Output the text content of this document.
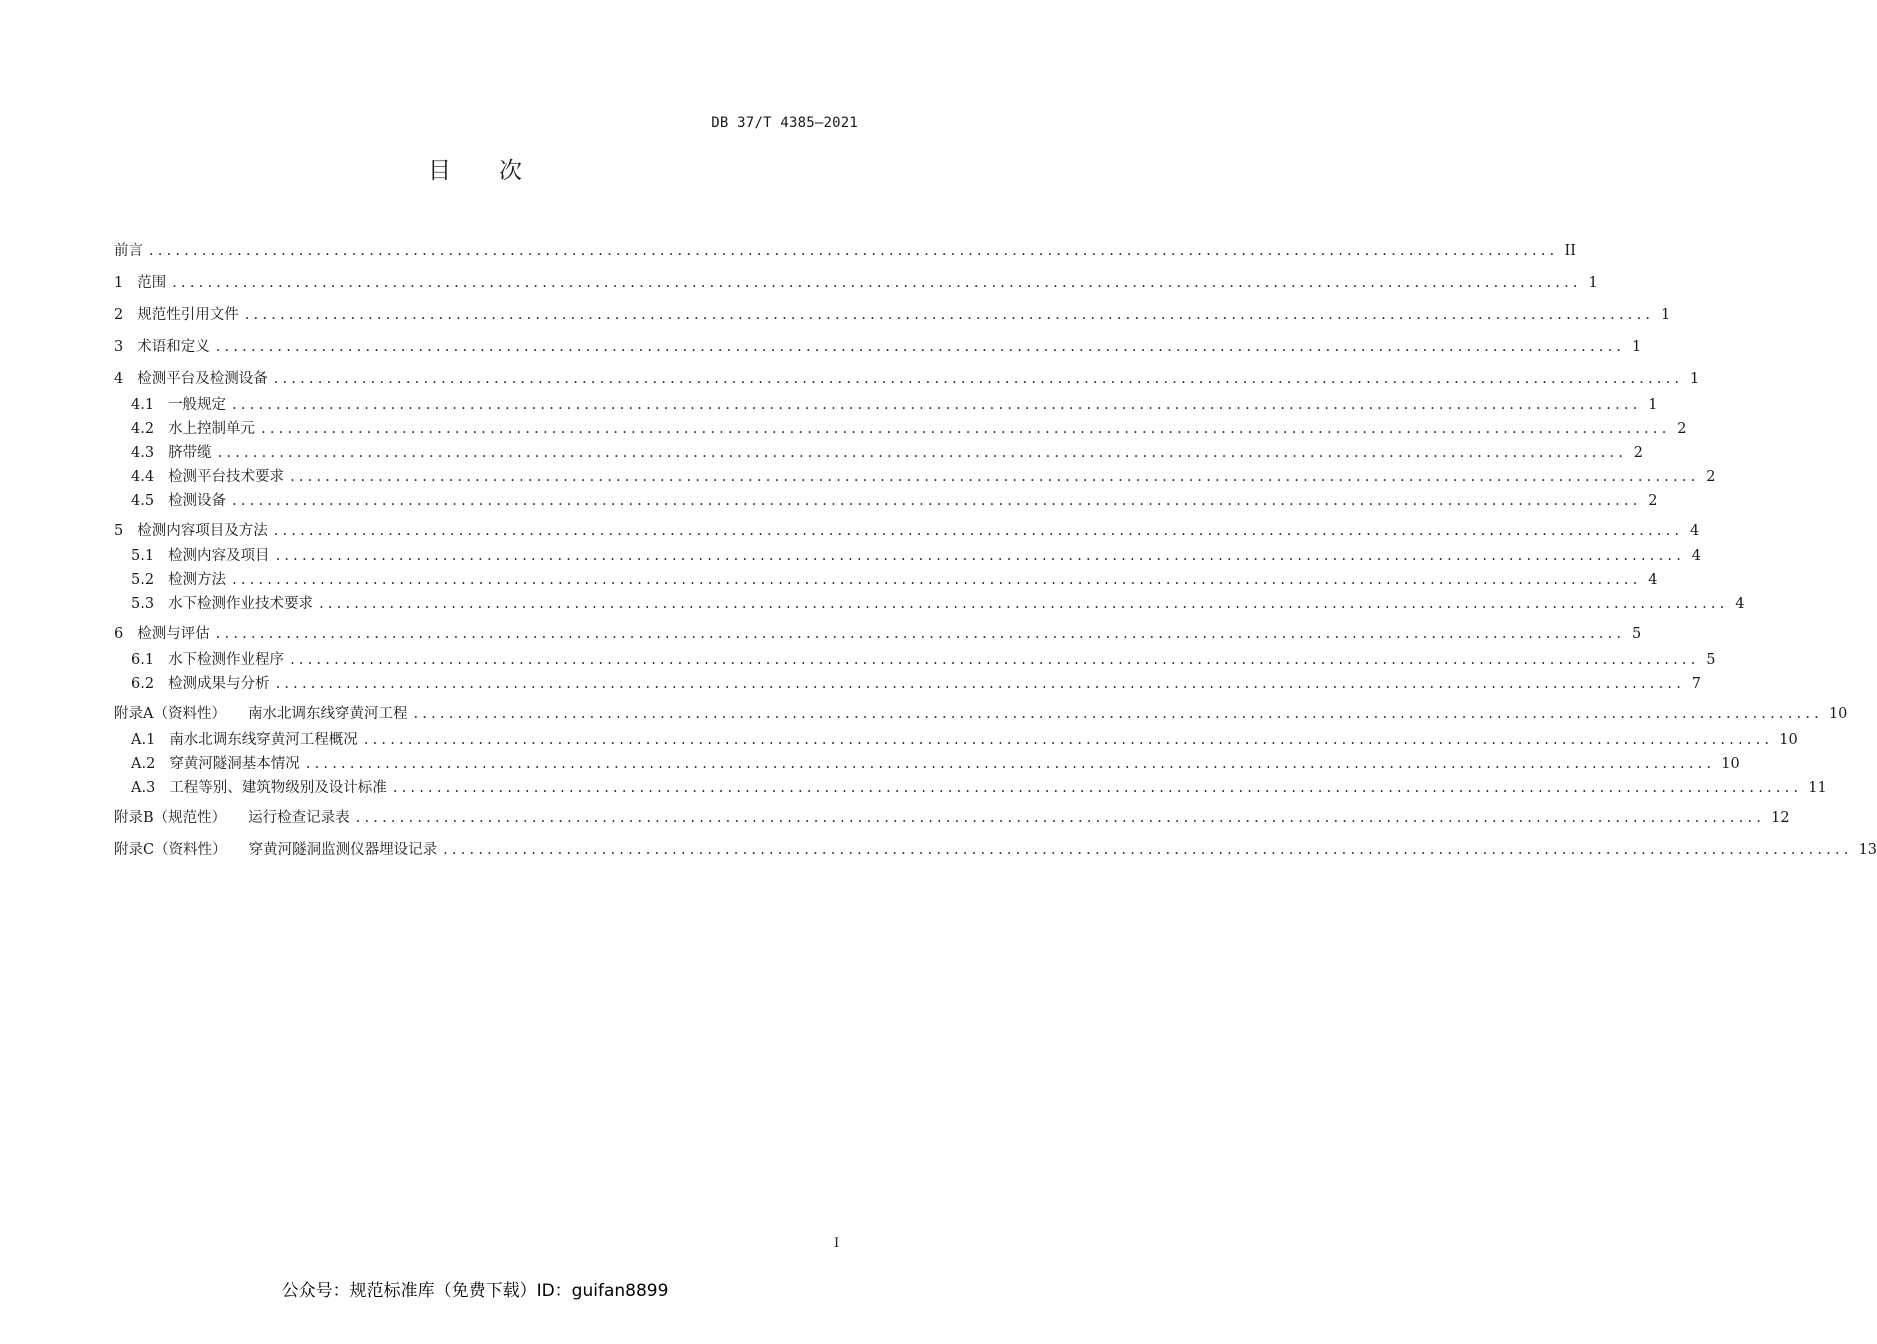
DB 37/T 4385—2021
目次
前言 ................................................................................................................................................................ II
1 范围 ................................................................................................................................................................ 1
2 规范性引用文件 ................................................................................................................................................................ 1
3 术语和定义 ................................................................................................................................................................ 1
4 检测平台及检测设备 ................................................................................................................................................................ 1
4.1 一般规定 ................................................................................................................................................................ 1
4.2 水上控制单元 ................................................................................................................................................................ 2
4.3 脐带缆 ................................................................................................................................................................ 2
4.4 检测平台技术要求 ................................................................................................................................................................ 2
4.5 检测设备 ................................................................................................................................................................ 2
5 检测内容项目及方法 ................................................................................................................................................................ 4
5.1 检测内容及项目 ................................................................................................................................................................ 4
5.2 检测方法 ................................................................................................................................................................ 4
5.3 水下检测作业技术要求 ................................................................................................................................................................ 4
6 检测与评估 ................................................................................................................................................................ 5
6.1 水下检测作业程序 ................................................................................................................................................................ 5
6.2 检测成果与分析 ................................................................................................................................................................ 7
附录A（资料性） 南水北调东线穿黄河工程 ................................................................................................................................................................ 10
A.1 南水北调东线穿黄河工程概况 ................................................................................................................................................................ 10
A.2 穿黄河隧洞基本情况 ................................................................................................................................................................ 10
A.3 工程等别、建筑物级别及设计标准 ................................................................................................................................................................ 11
附录B（规范性） 运行检查记录表 ................................................................................................................................................................ 12
附录C（资料性） 穿黄河隧洞监测仪器埋设记录 ................................................................................................................................................................ 13
I
公众号：规范标准库（免费下载）ID：guifan8899
